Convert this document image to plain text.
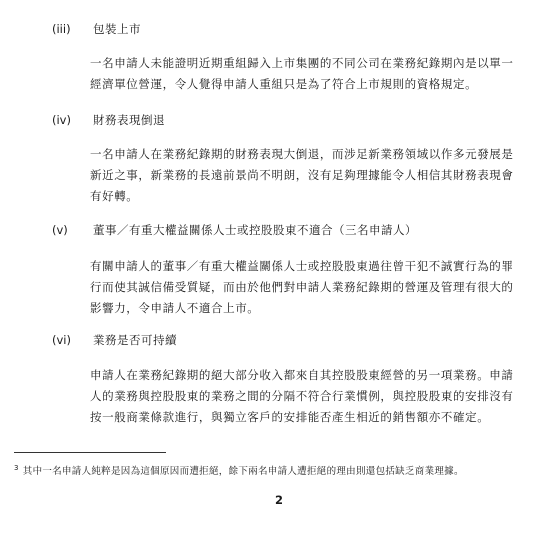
(iii) 包裝上市

一名申請人未能證明近期重組歸入上市集團的不同公司在業務紀錄期內是以單一
經濟單位營運，令人覺得申請人重組只是為了符合上市規則的資格規定。

(iv) 財務表現倒退

一名申請人在業務紀錄期的財務表現大倒退，而涉足新業務領域以作多元發展是
新近之事，新業務的長遠前景尚不明朗，沒有足夠理據能令人相信其財務表現會
有好轉。

(v) 董事／有重大權益關係人士或控股股東不適合（三名申請人）

有關申請人的董事／有重大權益關係人士或控股股東過往曾干犯不誠實行為的罪
行而使其誠信備受質疑，而由於他們對申請人業務紀錄期的營運及管理有很大的
影響力，令申請人不適合上市。

(vi) 業務是否可持續

申請人在業務紀錄期的絕大部分收入都來自其控股股東經營的另一項業務。申請
人的業務與控股股東的業務之間的分隔不符合行業慣例，與控股股東的安排沒有
按一般商業條款進行，與獨立客戶的安排能否產生相近的銷售額亦不確定。

$^3$ 其中一名申請人純粹是因為這個原因而遭拒絕，餘下兩名申請人遭拒絕的理由則還包括缺乏商業理據。
2
